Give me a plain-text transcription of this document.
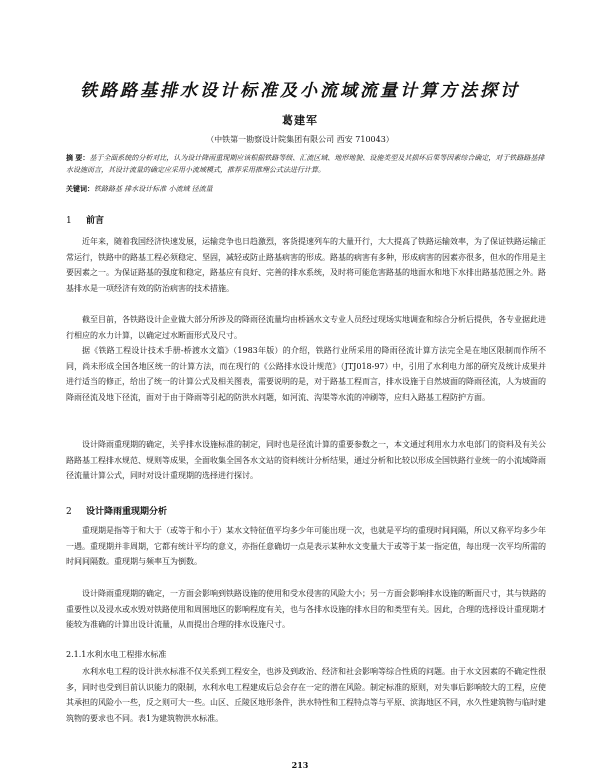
铁路路基排水设计标准及小流域流量计算方法探讨
葛建军
（中铁第一勘察设计院集团有限公司 西安 710043）
摘 要：基于全面系统的分析对比，认为设计降雨重现期应该根据铁路等级、汇流区域、地形地貌、设施类型及其损坏后果等因素综合确定，对于铁路路基排水设施而言，其设计流量的确定应采用小流域模式，推荐采用推理公式法进行计算。
关键词：铁路路基 排水设计标准 小流域 径流量
1 前言

近年来，随着我国经济快速发展，运输竞争也日趋激烈，客货提速列车的大量开行，大大提高了铁路运输效率，为了保证铁路运输正常运行，铁路中的路基工程必须稳定、坚固，减轻或防止路基病害的形成。路基的病害有多种，形成病害的因素亦很多，但水的作用是主要因素之一。为保证路基的强度和稳定，路基应有良好、完善的排水系统，及时将可能危害路基的地面水和地下水排出路基范围之外。路基排水是一项经济有效的防治病害的技术措施。

截至目前，各铁路设计企业做大部分所涉及的降雨径流量均由桥涵水文专业人员经过现场实地调查和综合分析后提供，各专业据此进行相应的水力计算，以确定过水断面形式及尺寸。

据《铁路工程设计技术手册-桥渡水文篇》（1983年版）的介绍，铁路行业所采用的降雨径流计算方法完全是在地区限制而作所不同，尚未形成全国各地区统一的计算方法，而在现行的《公路排水设计规范》（JTJ018-97）中，引用了水利电力部的研究及统计成果并进行适当的修正，给出了统一的计算公式及相关图表，需要说明的是，对于路基工程而言，排水设施于自然坡面的降雨径流，人为坡面的降雨径流及地下径流，面对于由于降雨等引起的防洪水问题，如河流、沟渠等水流的冲刷等，应归入路基工程防护方面。

设计降雨重现期的确定，关乎排水设施标准的制定，同时也是径流计算的重要参数之一，本文通过利用水力水电部门的资料及有关公路路基工程排水规范、规则等成果，全面收集全国各水文站的资料统计分析结果，通过分析和比较以形成全国铁路行业统一的小流域降雨径流量计算公式，同时对设计重现期的选择进行探讨。

2 设计降雨重现期分析

重现期是指等于和大于（或等于和小于）某水文特征值平均多少年可能出现一次，也就是平均的重现时间间隔，所以又称平均多少年一遇。重现期并非周期，它都有统计平均的意义，亦指任意确切一点是表示某种水文变量大于或等于某一指定值，每出现一次平均所需的时间间隔数。重现期与频率互为倒数。

设计降雨重现期的确定，一方面会影响到铁路设施的使用和受水侵害的风险大小；另一方面会影响排水设施的断面尺寸，其与铁路的重要性以及浸水或水毁对铁路使用和周围地区的影响程度有关，也与各排水设施的排水目的和类型有关。因此，合理的选择设计重现期才能较为准确的计算出设计流量，从而提出合理的排水设施尺寸。

2.1.1水利水电工程排水标准

水利水电工程的设计洪水标准不仅关系到工程安全，也涉及到政治、经济和社会影响等综合性质的问题。由于水文因素的不确定性很多，同时也受到目前认识能力的限制，水利水电工程建成后总会存在一定的潜在风险。制定标准的原则，对失事后影响较大的工程，应使其承担的风险小一些，反之则可大一些。山区、丘陵区地形条件，洪水特性和工程特点等与平原、滨海地区不同，水久性建筑物与临时建筑物的要求也不同。表1为建筑物洪水标准。

213
